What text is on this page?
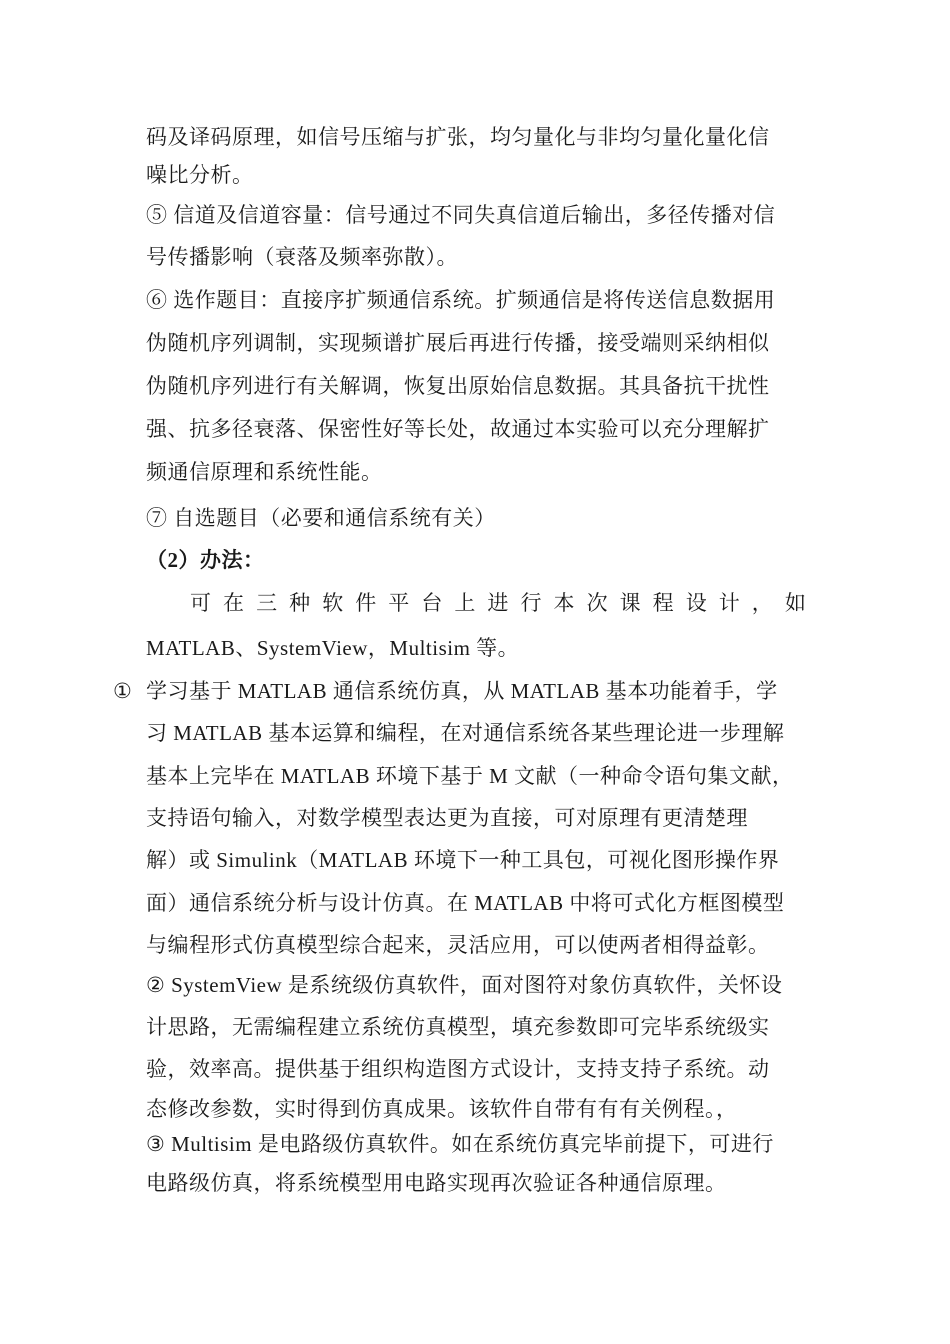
码及译码原理，如信号压缩与扩张，均匀量化与非均匀量化量化信
噪比分析。
⑤ 信道及信道容量：信号通过不同失真信道后输出，多径传播对信
号传播影响（衰落及频率弥散）。
⑥ 选作题目：直接序扩频通信系统。扩频通信是将传送信息数据用
伪随机序列调制，实现频谱扩展后再进行传播，接受端则采纳相似
伪随机序列进行有关解调，恢复出原始信息数据。其具备抗干扰性
强、抗多径衰落、保密性好等长处，故通过本实验可以充分理解扩
频通信原理和系统性能。
⑦ 自选题目（必要和通信系统有关）
（2）办法：
可 在 三 种 软 件 平 台 上 进 行 本 次 课 程 设 计 ， 如
MATLAB、SystemView，Multisim 等。
① 学习基于 MATLAB 通信系统仿真，从 MATLAB 基本功能着手，学
习 MATLAB 基本运算和编程，在对通信系统各某些理论进一步理解
基本上完毕在 MATLAB 环境下基于 M 文献（一种命令语句集文献，
支持语句输入，对数学模型表达更为直接，可对原理有更清楚理
解）或 Simulink（MATLAB 环境下一种工具包，可视化图形操作界
面）通信系统分析与设计仿真。在 MATLAB 中将可式化方框图模型
与编程形式仿真模型综合起来，灵活应用，可以使两者相得益彰。
② SystemView 是系统级仿真软件，面对图符对象仿真软件，关怀设
计思路，无需编程建立系统仿真模型，填充参数即可完毕系统级实
验，效率高。提供基于组织构造图方式设计，支持支持子系统。动
态修改参数，实时得到仿真成果。该软件自带有有有关例程。，
③ Multisim 是电路级仿真软件。如在系统仿真完毕前提下，可进行
电路级仿真，将系统模型用电路实现再次验证各种通信原理。
